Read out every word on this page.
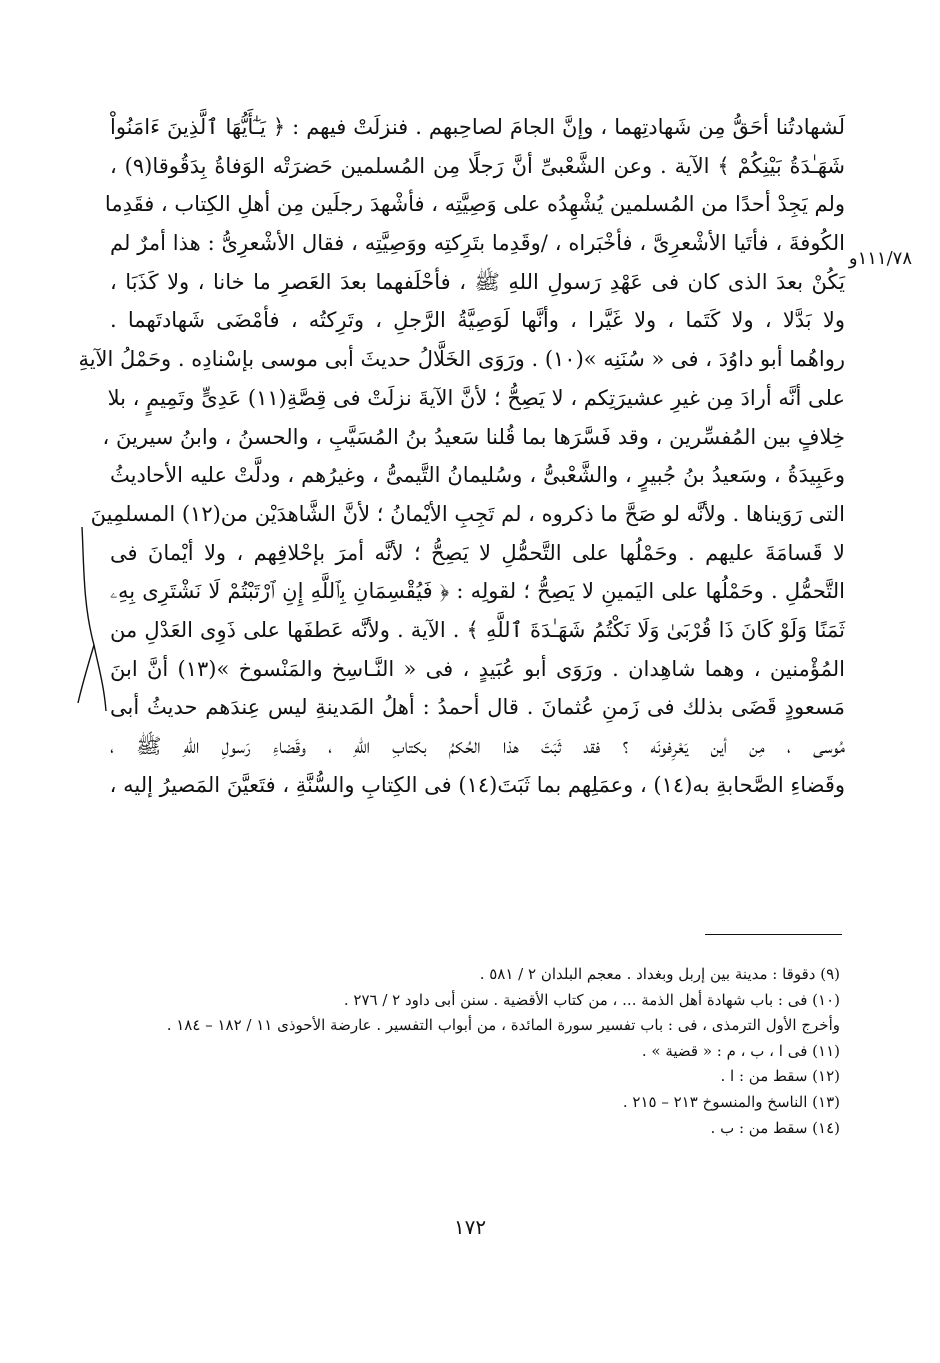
لَشهادتُنا أحَقُّ مِن شَهادتِهما ، وإنَّ الجامَ لصاحِبهم . فنزلَتْ فيهم : ﴿ يَـٰٓأَيُّهَا ٱلَّذِينَ ءَامَنُواْ
شَهَـٰدَةُ بَيْنِكُمْ ﴾ الآية . وعن الشَّعْبىِّ أنَّ رَجلًا مِن المُسلمين حَضرَتْه الوَفاةُ بِدَقُوقا(٩) ،
ولم يَجِدْ أحدًا من المُسلمين يُشْهِدُه على وَصِيَّتِه ، فأشْهدَ رجلَين مِن أهلِ الكِتاب ، فقَدِما
الكُوفةَ ، فأتَيا الأشْعرِىَّ ، فأخْبَراه ، /وقَدِما بتَرِكتِه ووَصِيَّتِه ، فقال الأشْعرِىُّ : هذا أمرٌ لم
يَكُنْ بعدَ الذى كان فى عَهْدِ رَسولِ اللهِ ﷺ ، فأحْلَفهما بعدَ العَصرِ ما خانا ، ولا كَذَبَا ،
ولا بَدَّلا ، ولا كَتَما ، ولا غَيَّرا ، وأنَّها لَوَصِيَّةُ الرَّجلِ ، وتَرِكتُه ، فأمْضَى شَهادتَهما .
رواهُما أبو داوُدَ ، فى « سُنَنِه »(١٠) . ورَوَى الخَلَّالُ حديثَ أبى موسى بإسْنادِه . وحَمْلُ الآيةِ
على أنَّه أرادَ مِن غيرِ عشيرَتِكم ، لا يَصِحُّ ؛ لأنَّ الآيةَ نزلَتْ فى قِصَّةِ(١١) عَدِىٍّ وتَمِيمٍ ، بلا
خِلافٍ بين المُفسِّرين ، وقد فَسَّرَها بما قُلنا سَعيدُ بنُ المُسَيَّبِ ، والحسنُ ، وابنُ سيرينَ ،
وعَبِيدَةُ ، وسَعيدُ بنُ جُبيرٍ ، والشَّعْبىُّ ، وسُليمانُ التَّيمىُّ ، وغيرُهم ، ودلَّتْ عليه الأحاديثُ
التى رَوَيناها . ولأنَّه لو صَحَّ ما ذكروه ، لم تَجِبِ الأيْمانُ ؛ لأنَّ الشَّاهدَيْن من(١٢) المسلمِينَ
لا قَسامَةَ عليهم . وحَمْلُها على التَّحمُّلِ لا يَصِحُّ ؛ لأنَّه أمرَ بإحْلافِهم ، ولا أيْمانَ فى
التَّحمُّلِ . وحَمْلُها على اليَمينِ لا يَصِحُّ ؛ لقولِه : ﴿ فَيُقْسِمَانِ بِٱللَّهِ إِنِ ٱرْتَبْتُمْ لَا نَشْتَرِى بِهِۦ
ثَمَنًا وَلَوْ كَانَ ذَا قُرْبَىٰ وَلَا نَكْتُمُ شَهَـٰدَةَ ٱللَّهِ ﴾ . الآية . ولأنَّه عَطفَها على ذَوِى العَدْلِ من
المُؤْمنين ، وهما شاهِدان . ورَوَى أبو عُبَيدٍ ، فى « النَّـاسِخ والمَنْسوخ »(١٣) أنَّ ابنَ
مَسعودٍ قَضَى بذلك فى زَمنِ عُثمانَ . قال أحمدُ : أهلُ المَدينةِ ليس عِندَهم حديثُ أبى
مُوسى ، مِن أين يَعْرِفونَه ؟ فقد ثَبَتَ هذا الحُكمُ بكتابِ اللهِ ، وقَضاءِ رَسولِ اللهِ ﷺ ،
وقَضاءِ الصَّحابةِ به(١٤) ، وعمَلِهم بما ثَبَتَ(١٤) فى الكِتابِ والسُّنَّةِ ، فتَعيَّنَ المَصيرُ إليه ،
١١١/٧٨و
(٩) دقوقا : مدينة بين إربل وبغداد . معجم البلدان ٢ / ٥٨١ .
(١٠) فى : باب شهادة أهل الذمة ... ، من كتاب الأقضية . سنن أبى داود ٢ / ٢٧٦ .
وأخرج الأول الترمذى ، فى : باب تفسير سورة المائدة ، من أبواب التفسير . عارضة الأحوذى ١١ / ١٨٢ – ١٨٤ .
(١١) فى ا ، ب ، م : « قضية » .
(١٢) سقط من : ا .
(١٣) الناسخ والمنسوخ ٢١٣ – ٢١٥ .
(١٤) سقط من : ب .
١٧٢
